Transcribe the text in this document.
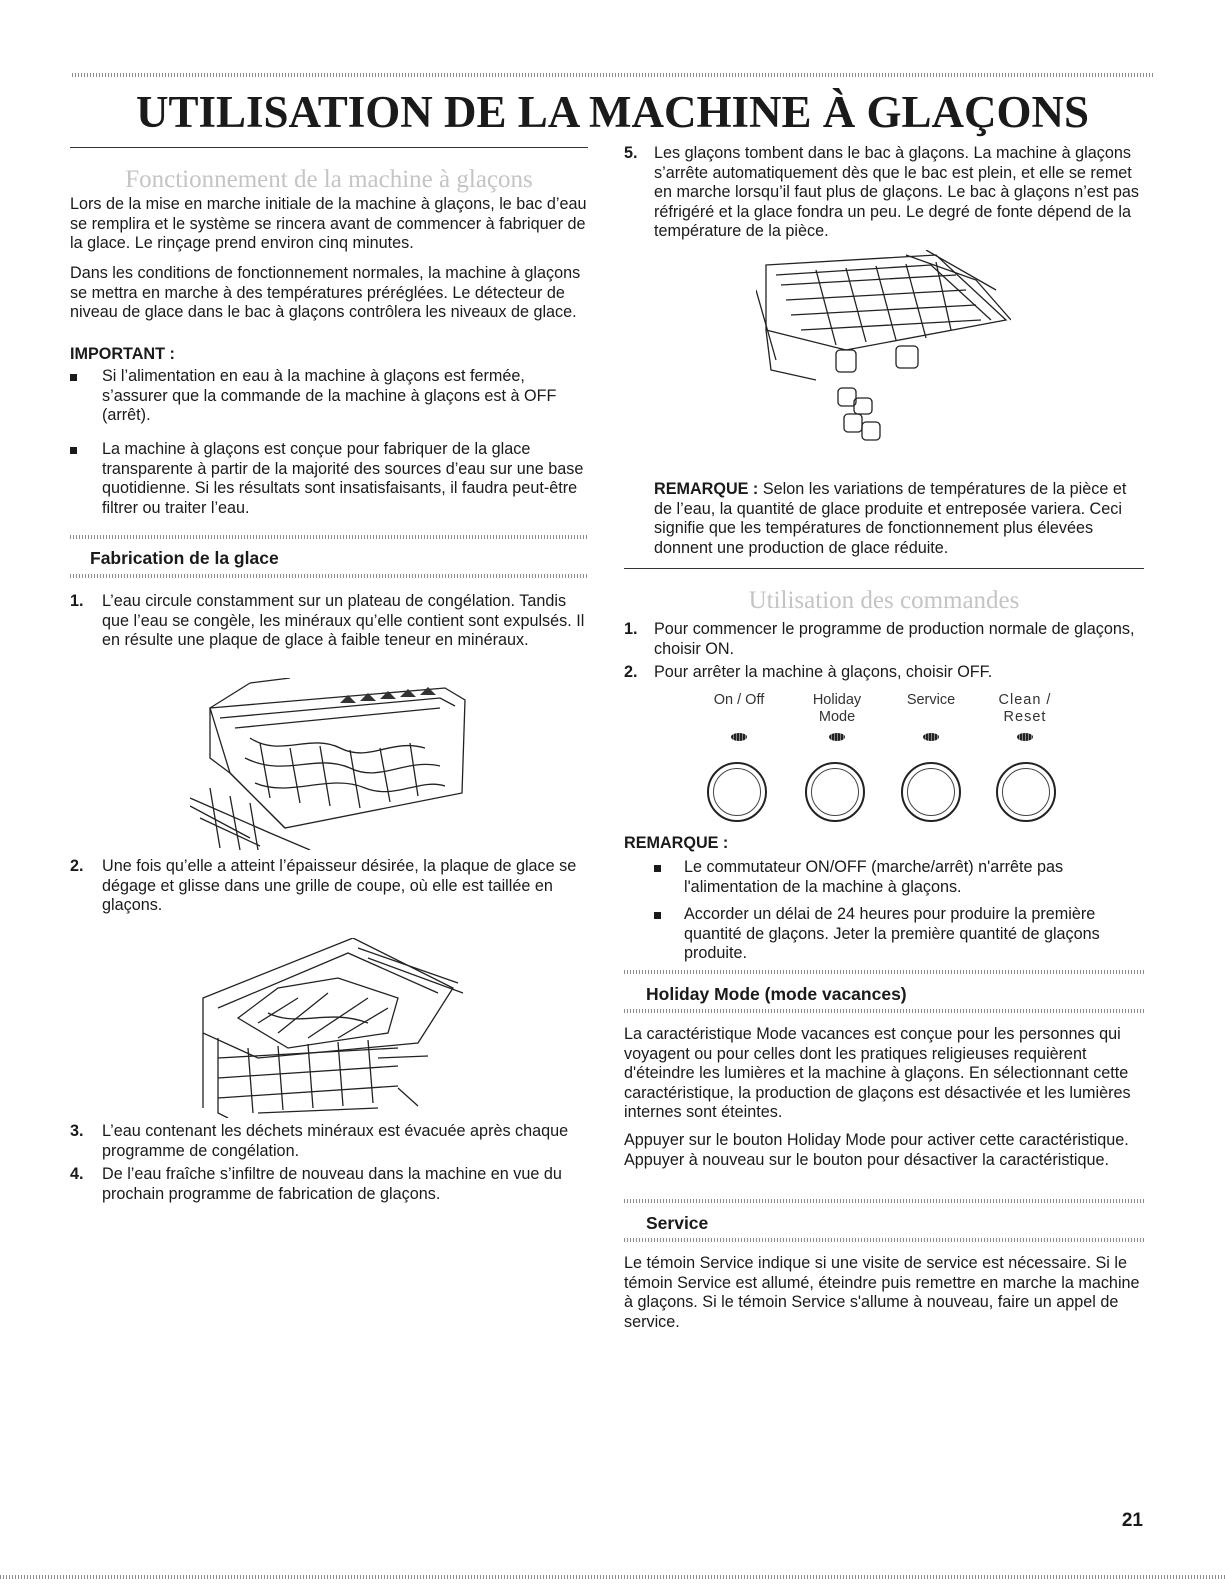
UTILISATION DE LA MACHINE À GLAÇONS
Fonctionnement de la machine à glaçons

Lors de la mise en marche initiale de la machine à glaçons, le bac d’eau se remplira et le système se rincera avant de commencer à fabriquer de la glace. Le rinçage prend environ cinq minutes.

Dans les conditions de fonctionnement normales, la machine à glaçons se mettra en marche à des températures préréglées. Le détecteur de niveau de glace dans le bac à glaçons contrôlera les niveaux de glace.

IMPORTANT :
Si l’alimentation en eau à la machine à glaçons est fermée, s’assurer que la commande de la machine à glaçons est à OFF (arrêt).
La machine à glaçons est conçue pour fabriquer de la glace transparente à partir de la majorité des sources d’eau sur une base quotidienne. Si les résultats sont insatisfaisants, il faudra peut-être filtrer ou traiter l’eau.
Fabrication de la glace
1. L’eau circule constamment sur un plateau de congélation. Tandis que l’eau se congèle, les minéraux qu’elle contient sont expulsés. Il en résulte une plaque de glace à faible teneur en minéraux.
2. Une fois qu’elle a atteint l’épaisseur désirée, la plaque de glace se dégage et glisse dans une grille de coupe, où elle est taillée en glaçons.
3. L’eau contenant les déchets minéraux est évacuée après chaque programme de congélation.
4. De l’eau fraîche s’infiltre de nouveau dans la machine en vue du prochain programme de fabrication de glaçons.
5. Les glaçons tombent dans le bac à glaçons. La machine à glaçons s’arrête automatiquement dès que le bac est plein, et elle se remet en marche lorsqu’il faut plus de glaçons. Le bac à glaçons n’est pas réfrigéré et la glace fondra un peu. Le degré de fonte dépend de la température de la pièce.
REMARQUE : Selon les variations de températures de la pièce et de l’eau, la quantité de glace produite et entreposée variera. Ceci signifie que les températures de fonctionnement plus élevées donnent une production de glace réduite.
Utilisation des commandes
1. Pour commencer le programme de production normale de glaçons, choisir ON.
2. Pour arrêter la machine à glaçons, choisir OFF.
On / Off	Holiday
Mode
Service	Clean /
Reset
REMARQUE :
Le commutateur ON/OFF (marche/arrêt) n'arrête pas l'alimentation de la machine à glaçons.
Accorder un délai de 24 heures pour produire la première quantité de glaçons. Jeter la première quantité de glaçons produite.
Holiday Mode (mode vacances)

La caractéristique Mode vacances est conçue pour les personnes qui voyagent ou pour celles dont les pratiques religieuses requièrent d'éteindre les lumières et la machine à glaçons. En sélectionnant cette caractéristique, la production de glaçons est désactivée et les lumières internes sont éteintes.

Appuyer sur le bouton Holiday Mode pour activer cette caractéristique. Appuyer à nouveau sur le bouton pour désactiver la caractéristique.

Service

Le témoin Service indique si une visite de service est nécessaire. Si le témoin Service est allumé, éteindre puis remettre en marche la machine à glaçons. Si le témoin Service s'allume à nouveau, faire un appel de service.

21
